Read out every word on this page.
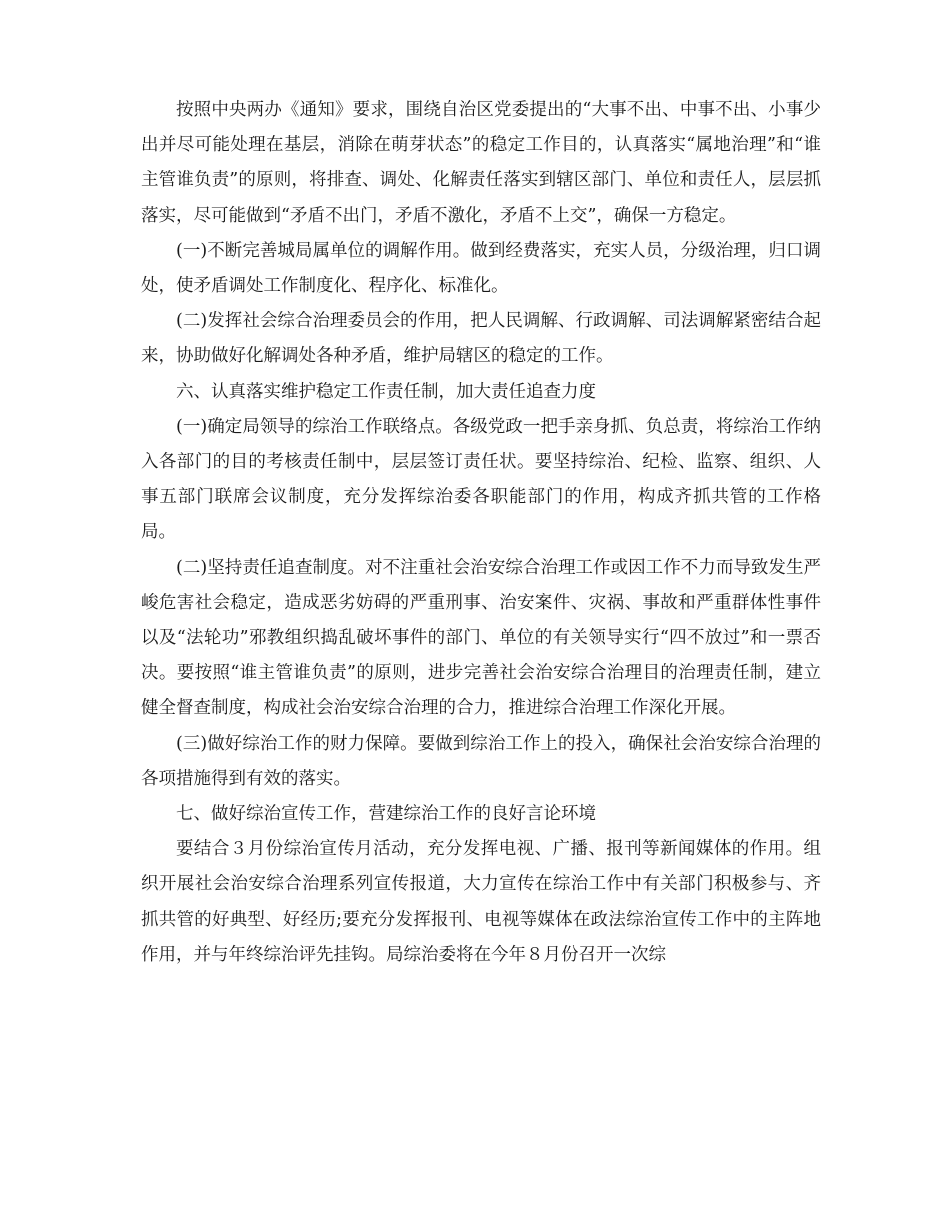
按照中央两办《通知》要求，围绕自治区党委提出的“大事不出、中事不出、小事少出并尽可能处理在基层，消除在萌芽状态”的稳定工作目的，认真落实“属地治理”和“谁主管谁负责”的原则，将排查、调处、化解责任落实到辖区部门、单位和责任人，层层抓落实，尽可能做到“矛盾不出门，矛盾不激化，矛盾不上交”，确保一方稳定。

(一)不断完善城局属单位的调解作用。做到经费落实，充实人员，分级治理，归口调处，使矛盾调处工作制度化、程序化、标准化。

(二)发挥社会综合治理委员会的作用，把人民调解、行政调解、司法调解紧密结合起来，协助做好化解调处各种矛盾，维护局辖区的稳定的工作。

六、认真落实维护稳定工作责任制，加大责任追查力度

(一)确定局领导的综治工作联络点。各级党政一把手亲身抓、负总责，将综治工作纳入各部门的目的考核责任制中，层层签订责任状。要坚持综治、纪检、监察、组织、人事五部门联席会议制度，充分发挥综治委各职能部门的作用，构成齐抓共管的工作格局。

(二)坚持责任追查制度。对不注重社会治安综合治理工作或因工作不力而导致发生严峻危害社会稳定，造成恶劣妨碍的严重刑事、治安案件、灾祸、事故和严重群体性事件以及“法轮功”邪教组织捣乱破坏事件的部门、单位的有关领导实行“四不放过”和一票否决。要按照“谁主管谁负责”的原则，进步完善社会治安综合治理目的治理责任制，建立健全督查制度，构成社会治安综合治理的合力，推进综合治理工作深化开展。

(三)做好综治工作的财力保障。要做到综治工作上的投入，确保社会治安综合治理的各项措施得到有效的落实。

七、做好综治宣传工作，营建综治工作的良好言论环境

要结合３月份综治宣传月活动，充分发挥电视、广播、报刊等新闻媒体的作用。组织开展社会治安综合治理系列宣传报道，大力宣传在综治工作中有关部门积极参与、齐抓共管的好典型、好经历;要充分发挥报刊、电视等媒体在政法综治宣传工作中的主阵地作用，并与年终综治评先挂钩。局综治委将在今年８月份召开一次综
